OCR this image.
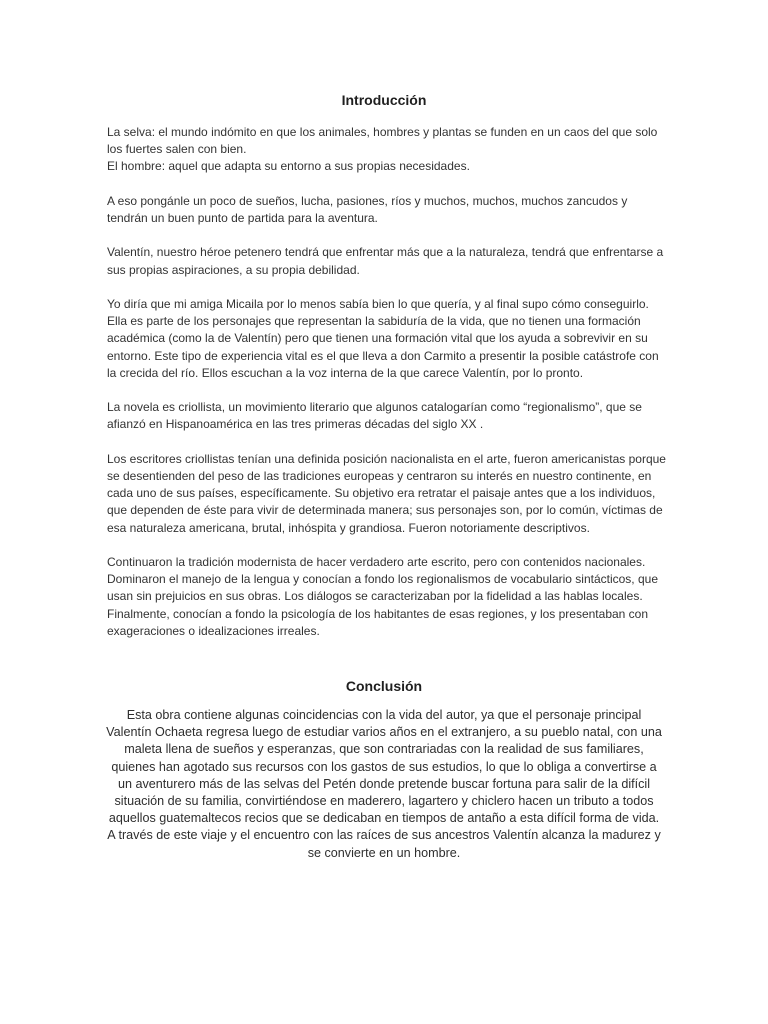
Introducción

La selva: el mundo indómito en que los animales, hombres y plantas se funden en un caos del que solo los fuertes salen con bien.
El hombre: aquel que adapta su entorno a sus propias necesidades.

A eso pongánle un poco de sueños, lucha, pasiones, ríos y muchos, muchos, muchos zancudos y tendrán un buen punto de partida para la aventura.

Valentín, nuestro héroe petenero tendrá que enfrentar más que a la naturaleza, tendrá que enfrentarse a sus propias aspiraciones, a su propia debilidad.

Yo diría que mi amiga Micaila por lo menos sabía bien lo que quería, y al final supo cómo conseguirlo. Ella es parte de los personajes que representan la sabiduría de la vida, que no tienen una formación académica (como la de Valentín) pero que tienen una formación vital que los ayuda a sobrevivir en su entorno. Este tipo de experiencia vital es el que lleva a don Carmito a presentir la posible catástrofe con la crecida del río. Ellos escuchan a la voz interna de la que carece Valentín, por lo pronto.

La novela es criollista, un movimiento literario que algunos catalogarían como “regionalismo”, que se afianzó en Hispanoamérica en las tres primeras décadas del siglo XX .

Los escritores criollistas tenían una definida posición nacionalista en el arte, fueron americanistas porque se desentienden del peso de las tradiciones europeas y centraron su interés en nuestro continente, en cada uno de sus países, específicamente. Su objetivo era retratar el paisaje antes que a los individuos, que dependen de éste para vivir de determinada manera; sus personajes son, por lo común, víctimas de esa naturaleza americana, brutal, inhóspita y grandiosa. Fueron notoriamente descriptivos.

Continuaron la tradición modernista de hacer verdadero arte escrito, pero con contenidos nacionales. Dominaron el manejo de la lengua y conocían a fondo los regionalismos de vocabulario sintácticos, que usan sin prejuicios en sus obras. Los diálogos se caracterizaban por la fidelidad a las hablas locales. Finalmente, conocían a fondo la psicología de los habitantes de esas regiones, y los presentaban con exageraciones o idealizaciones irreales.

Conclusión

Esta obra contiene algunas coincidencias con la vida del autor, ya que el personaje principal Valentín Ochaeta regresa luego de estudiar varios años en el extranjero, a su pueblo natal, con una maleta llena de sueños y esperanzas, que son contrariadas con la realidad de sus familiares, quienes han agotado sus recursos con los gastos de sus estudios, lo que lo obliga a convertirse a un aventurero más de las selvas del Petén donde pretende buscar fortuna para salir de la difícil situación de su familia, convirtiéndose en maderero, lagartero y chiclero hacen un tributo a todos aquellos guatemaltecos recios que se dedicaban en tiempos de antaño a esta difícil forma de vida. A través de este viaje y el encuentro con las raíces de sus ancestros Valentín alcanza la madurez y se convierte en un hombre.
